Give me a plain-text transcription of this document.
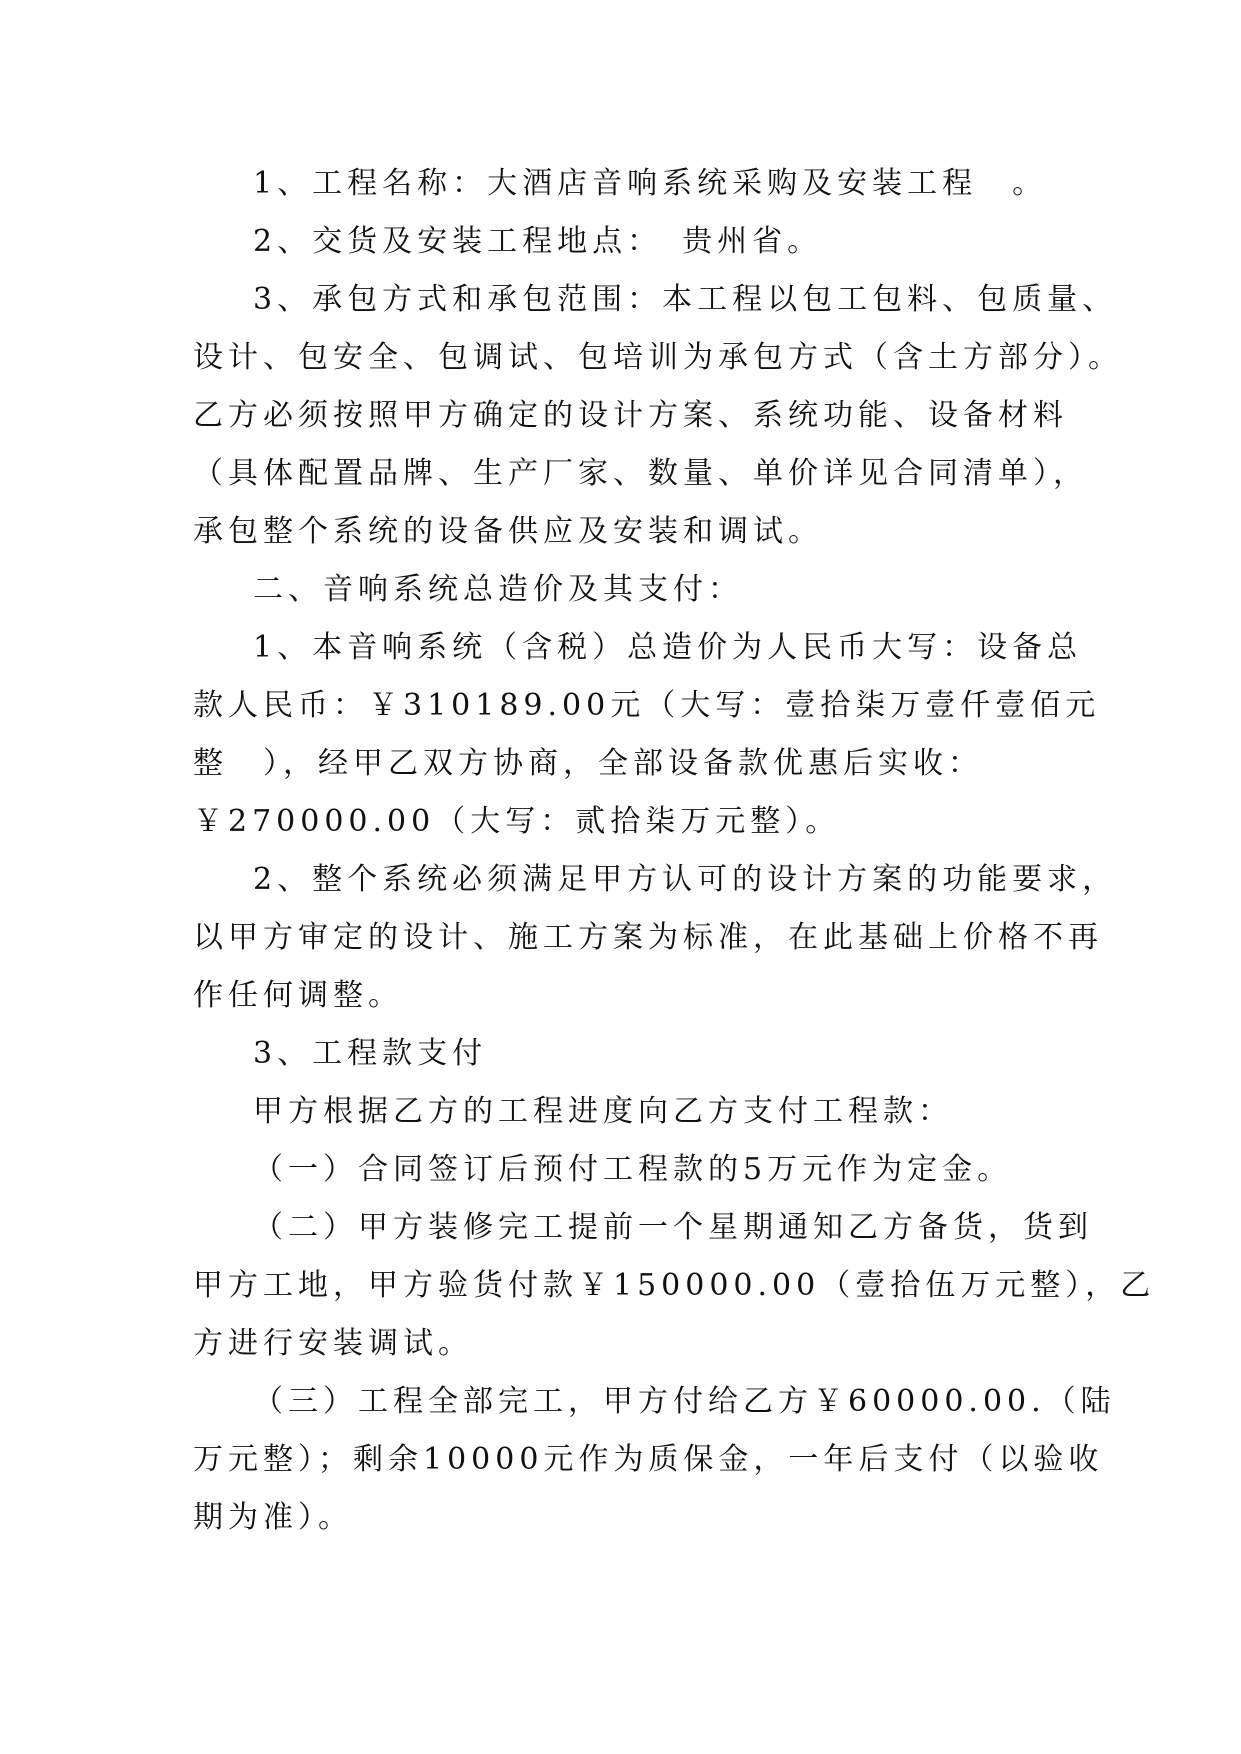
1、工程名称：大酒店音响系统采购及安装工程　。

2、交货及安装工程地点：　贵州省。

3、承包方式和承包范围：本工程以包工包料、包质量、

设计、包安全、包调试、包培训为承包方式（含土方部分）。

乙方必须按照甲方确定的设计方案、系统功能、设备材料

（具体配置品牌、生产厂家、数量、单价详见合同清单），

承包整个系统的设备供应及安装和调试。

二、音响系统总造价及其支付：

1、本音响系统（含税）总造价为人民币大写：设备总

款人民币：￥310189.00元（大写：壹拾柒万壹仟壹佰元

整　），经甲乙双方协商，全部设备款优惠后实收：

￥270000.00（大写：贰拾柒万元整）。

2、整个系统必须满足甲方认可的设计方案的功能要求，

以甲方审定的设计、施工方案为标准，在此基础上价格不再

作任何调整。

3、工程款支付

甲方根据乙方的工程进度向乙方支付工程款：

（一）合同签订后预付工程款的5万元作为定金。

（二）甲方装修完工提前一个星期通知乙方备货，货到

甲方工地，甲方验货付款￥150000.00（壹拾伍万元整），乙

方进行安装调试。

（三）工程全部完工，甲方付给乙方￥60000.00.（陆

万元整）；剩余10000元作为质保金，一年后支付（以验收

期为准）。
